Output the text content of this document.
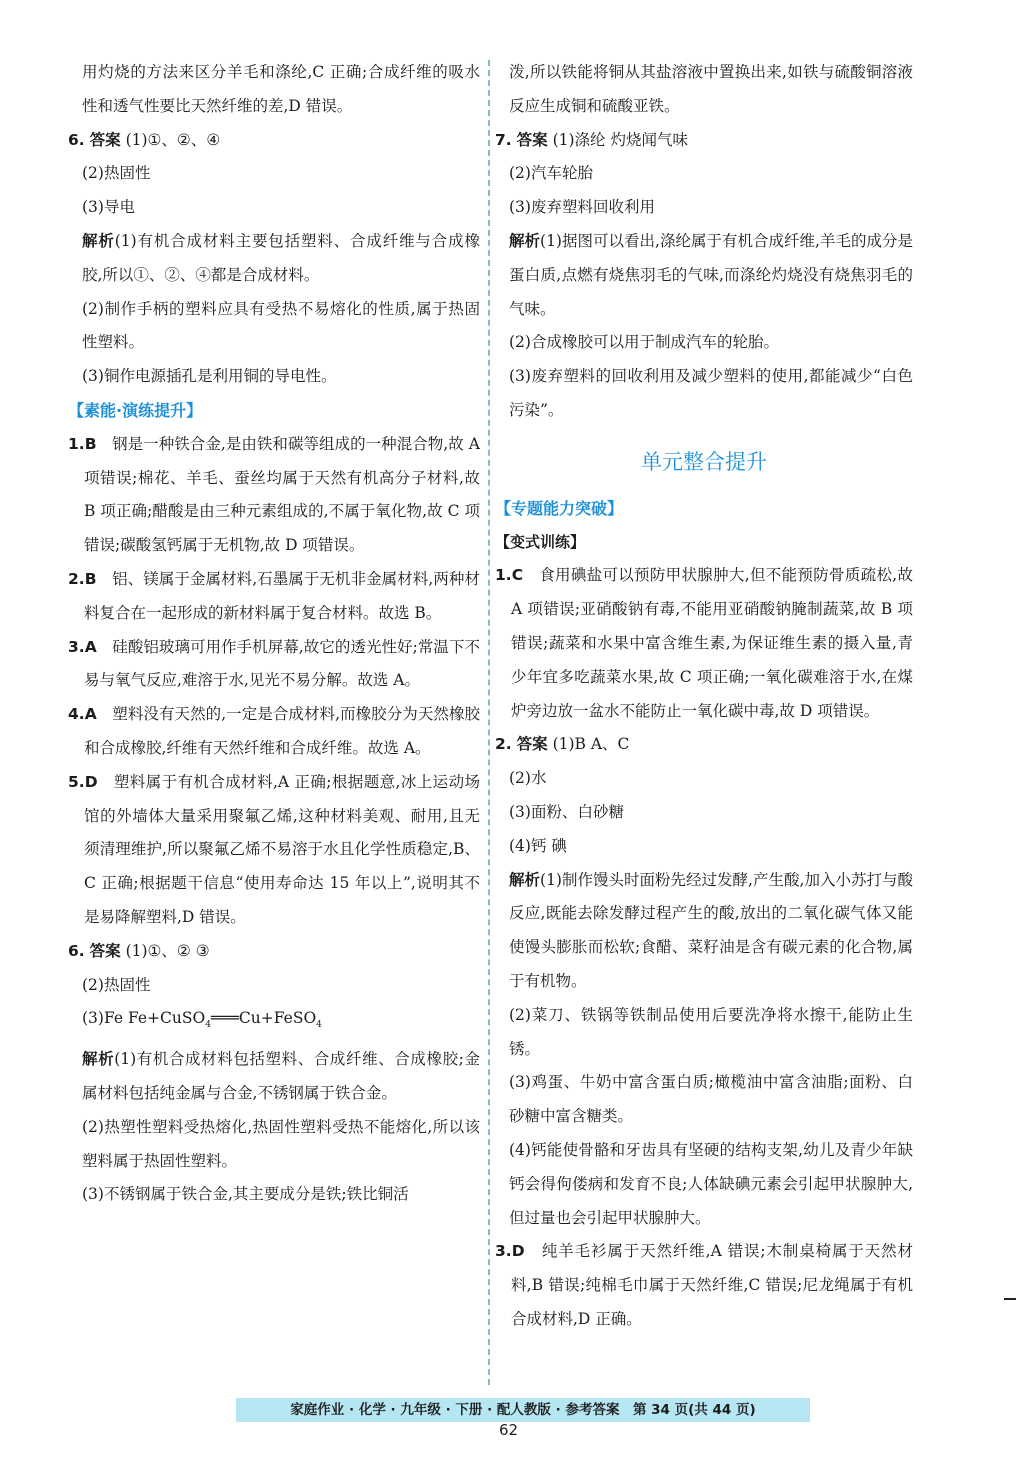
用灼烧的方法来区分羊毛和涤纶,C 正确;合成纤维的吸水性和透气性要比天然纤维的差,D 错误。

6. 答案 (1)①、②、④

(2)热固性

(3)导电

解析(1)有机合成材料主要包括塑料、合成纤维与合成橡胶,所以①、②、④都是合成材料。

(2)制作手柄的塑料应具有受热不易熔化的性质,属于热固性塑料。

(3)铜作电源插孔是利用铜的导电性。

【素能·演练提升】

1.B　 钢是一种铁合金,是由铁和碳等组成的一种混合物,故 A 项错误;棉花、羊毛、蚕丝均属于天然有机高分子材料,故 B 项正确;醋酸是由三种元素组成的,不属于氧化物,故 C 项错误;碳酸氢钙属于无机物,故 D 项错误。

2.B　 铝、镁属于金属材料,石墨属于无机非金属材料,两种材料复合在一起形成的新材料属于复合材料。故选 B。

3.A　 硅酸铝玻璃可用作手机屏幕,故它的透光性好;常温下不易与氧气反应,难溶于水,见光不易分解。故选 A。

4.A　 塑料没有天然的,一定是合成材料,而橡胶分为天然橡胶和合成橡胶,纤维有天然纤维和合成纤维。故选 A。

5.D　 塑料属于有机合成材料,A 正确;根据题意,冰上运动场馆的外墙体大量采用聚氟乙烯,这种材料美观、耐用,且无须清理维护,所以聚氟乙烯不易溶于水且化学性质稳定,B、C 正确;根据题干信息“使用寿命达 15 年以上”,说明其不是易降解塑料,D 错误。

6. 答案 (1)①、② ③

(2)热固性

(3)Fe Fe+CuSO$_4$═══Cu+FeSO$_4$

解析(1)有机合成材料包括塑料、合成纤维、合成橡胶;金属材料包括纯金属与合金,不锈钢属于铁合金。

(2)热塑性塑料受热熔化,热固性塑料受热不能熔化,所以该塑料属于热固性塑料。

(3)不锈钢属于铁合金,其主要成分是铁;铁比铜活

泼,所以铁能将铜从其盐溶液中置换出来,如铁与硫酸铜溶液反应生成铜和硫酸亚铁。

7. 答案 (1)涤纶 灼烧闻气味

(2)汽车轮胎

(3)废弃塑料回收利用

解析(1)据图可以看出,涤纶属于有机合成纤维,羊毛的成分是蛋白质,点燃有烧焦羽毛的气味,而涤纶灼烧没有烧焦羽毛的气味。

(2)合成橡胶可以用于制成汽车的轮胎。

(3)废弃塑料的回收利用及减少塑料的使用,都能减少“白色污染”。

单元整合提升

【专题能力突破】

【变式训练】

1.C　 食用碘盐可以预防甲状腺肿大,但不能预防骨质疏松,故 A 项错误;亚硝酸钠有毒,不能用亚硝酸钠腌制蔬菜,故 B 项错误;蔬菜和水果中富含维生素,为保证维生素的摄入量,青少年宜多吃蔬菜水果,故 C 项正确;一氧化碳难溶于水,在煤炉旁边放一盆水不能防止一氧化碳中毒,故 D 项错误。

2. 答案 (1)B A、C

(2)水

(3)面粉、白砂糖

(4)钙 碘

解析(1)制作馒头时面粉先经过发酵,产生酸,加入小苏打与酸反应,既能去除发酵过程产生的酸,放出的二氧化碳气体又能使馒头膨胀而松软;食醋、菜籽油是含有碳元素的化合物,属于有机物。

(2)菜刀、铁锅等铁制品使用后要洗净将水擦干,能防止生锈。

(3)鸡蛋、牛奶中富含蛋白质;橄榄油中富含油脂;面粉、白砂糖中富含糖类。

(4)钙能使骨骼和牙齿具有坚硬的结构支架,幼儿及青少年缺钙会得佝偻病和发育不良;人体缺碘元素会引起甲状腺肿大,但过量也会引起甲状腺肿大。

3.D　 纯羊毛衫属于天然纤维,A 错误;木制桌椅属于天然材料,B 错误;纯棉毛巾属于天然纤维,C 错误;尼龙绳属于有机合成材料,D 正确。

家庭作业 · 化学 · 九年级 · 下册 · 配人教版 · 参考答案　第 34 页(共 44 页)
62
